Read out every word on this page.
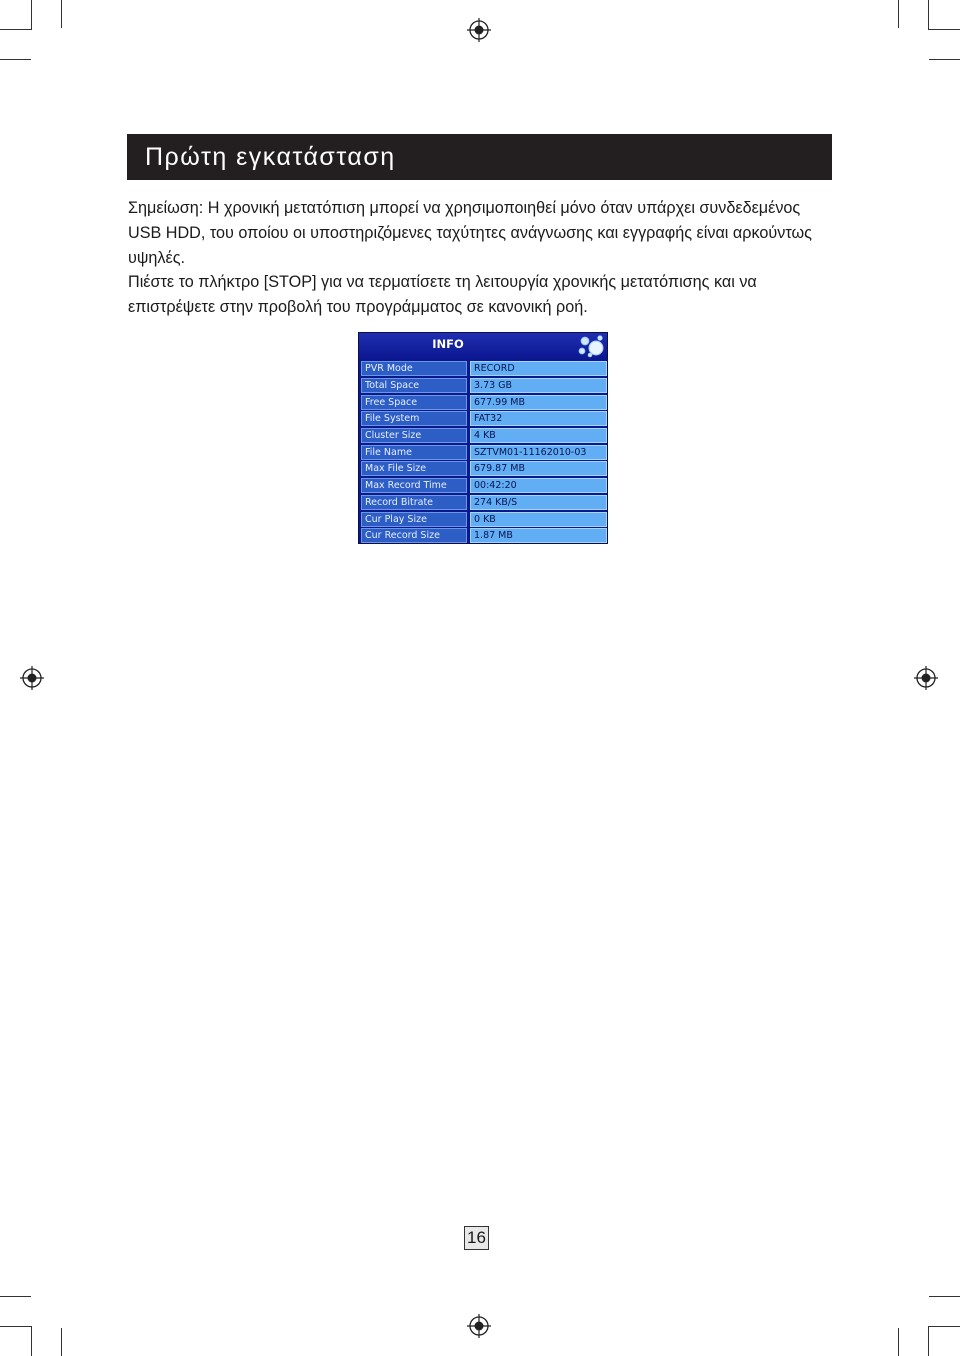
Πρώτη εγκατάσταση
Σημείωση: Η χρονική μετατόπιση μπορεί να χρησιμοποιηθεί μόνο όταν υπάρχει συνδεδεμένος
USB HDD, του οποίου οι υποστηριζόμενες ταχύτητες ανάγνωσης και εγγραφής είναι αρκούντως
υψηλές.
Πιέστε το πλήκτρο [STOP] για να τερματίσετε τη λειτουργία χρονικής μετατόπισης και να
επιστρέψετε στην προβολή του προγράμματος σε κανονική ροή.
INFO
PVR Mode	RECORD
Total Space	3.73 GB
Free Space	677.99 MB
File System	FAT32
Cluster Size	4 KB
File Name	SZTVM01-11162010-03
Max File Size	679.87 MB
Max Record Time	00:42:20
Record Bitrate	274 KB/S
Cur Play Size	0 KB
Cur Record Size	1.87 MB
16
